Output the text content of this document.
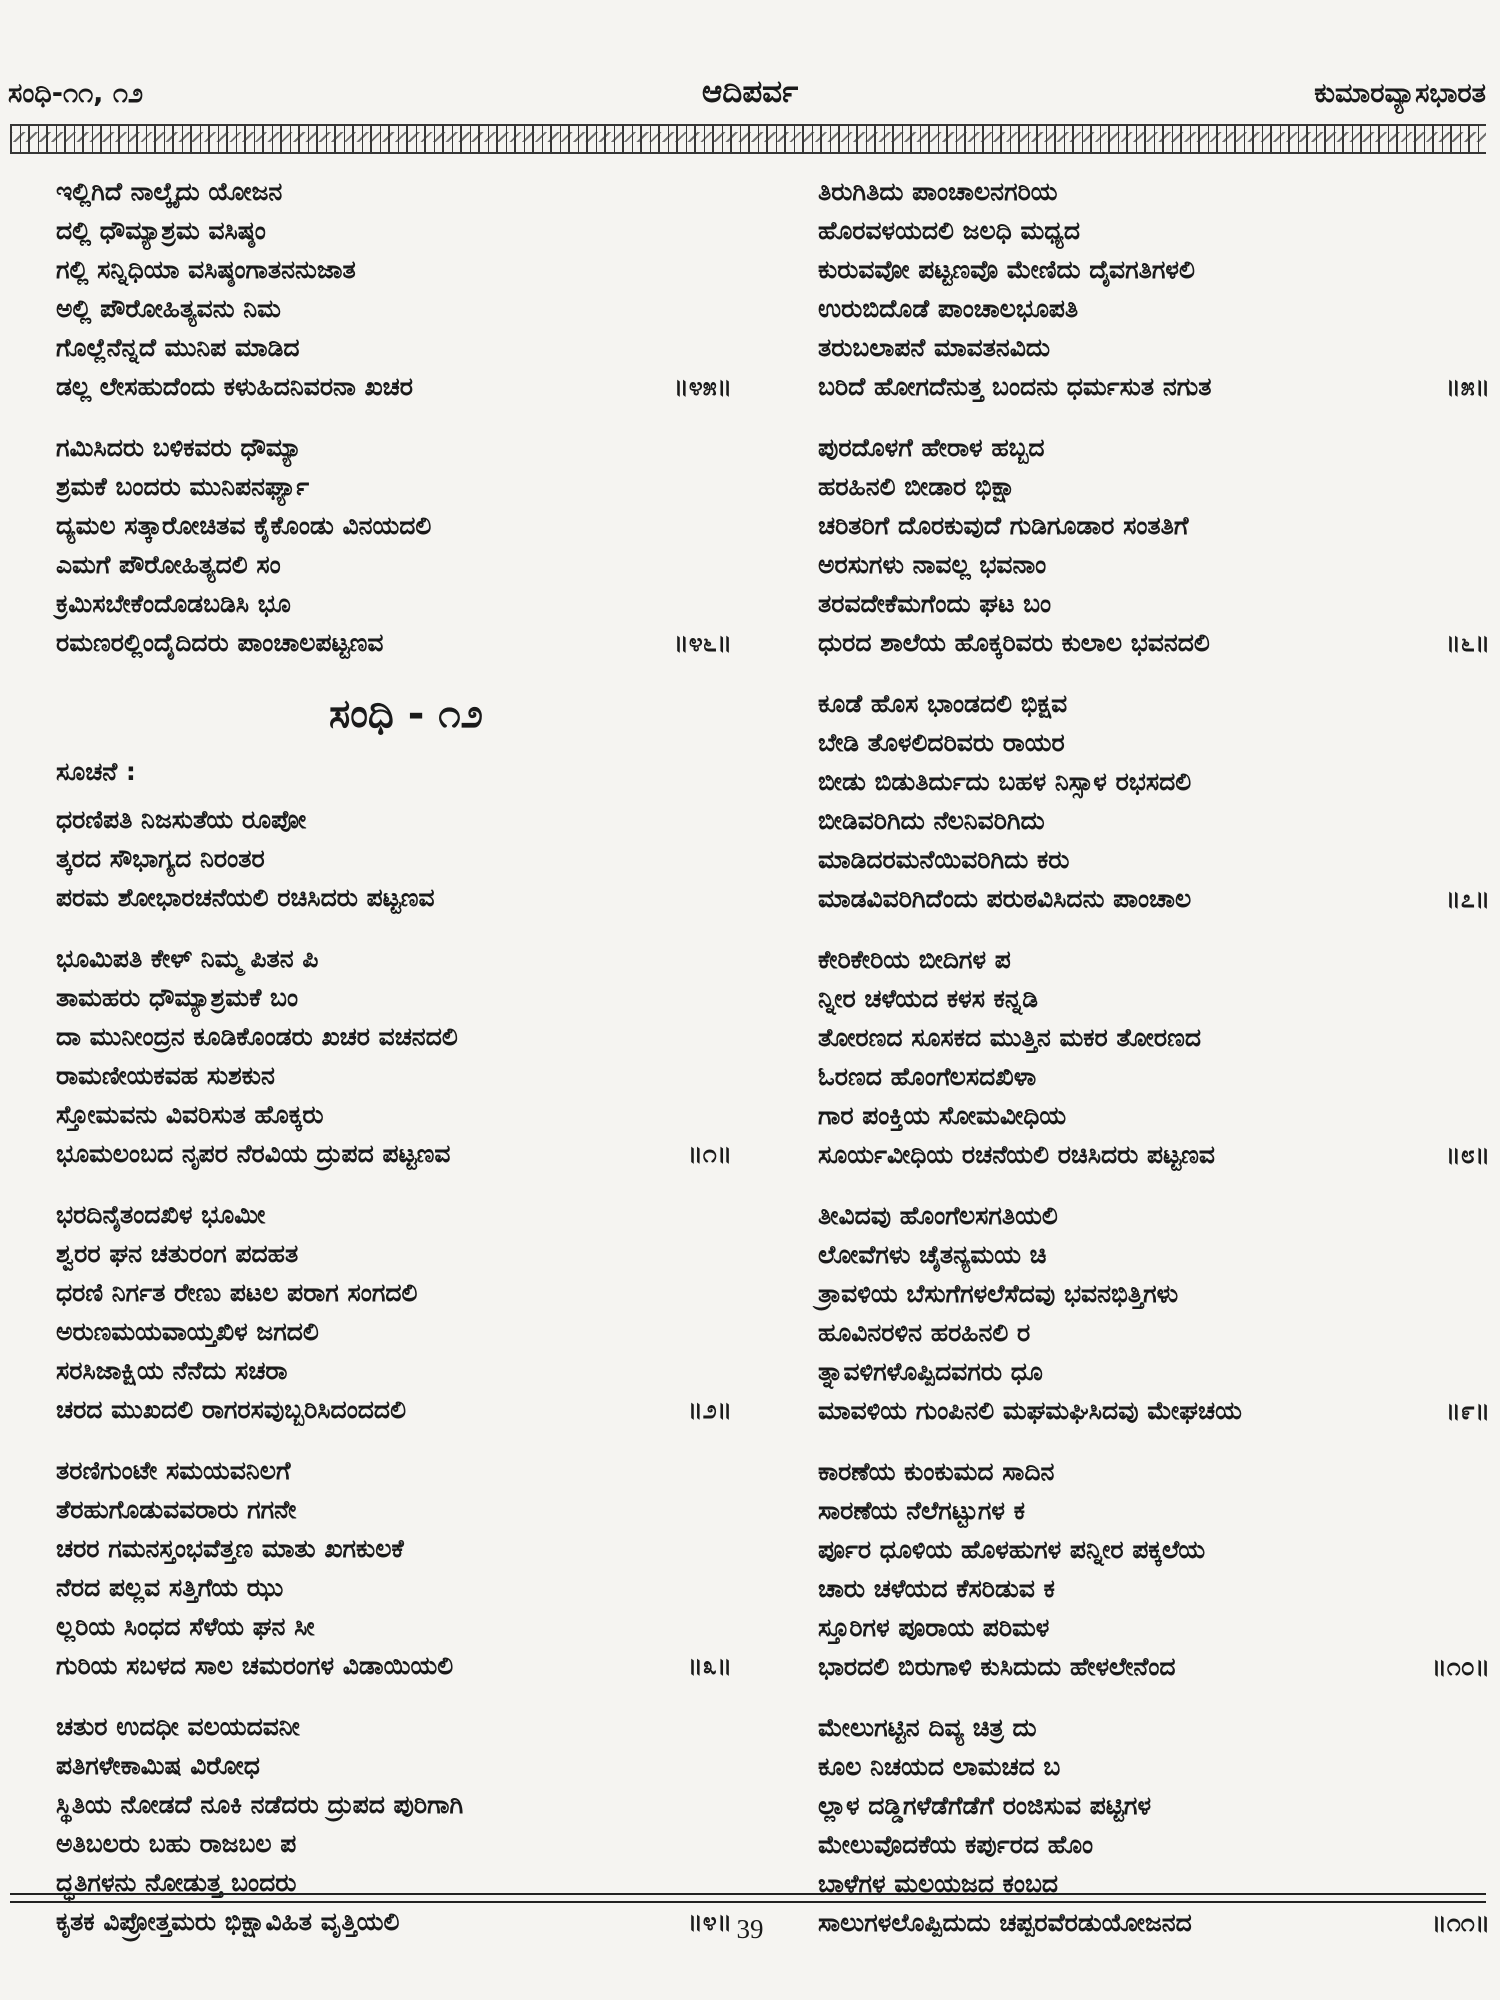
ಸಂಧಿ-೧೧, ೧೨	ಆದಿಪರ್ವ	ಕುಮಾರವ್ಯಾಸಭಾರತ
ಇಲ್ಲಿಗಿದೆ ನಾಲ್ಕೈದು ಯೋಜನ
ದಲ್ಲಿ ಧೌಮ್ಯಾಶ್ರಮ ವಸಿಷ್ಠಂ
ಗಲ್ಲಿ ಸನ್ನಿಧಿಯಾ ವಸಿಷ್ಠಂಗಾತನನುಜಾತ
ಅಲ್ಲಿ ಪೌರೋಹಿತ್ಯವನು ನಿಮ
ಗೊಲ್ಲೆನೆನ್ನದೆ ಮುನಿಪ ಮಾಡಿದ
ಡಲ್ಲ ಲೇಸಹುದೆಂದು ಕಳುಹಿದನಿವರನಾ ಖಚರ	॥೪೫॥
ಗಮಿಸಿದರು ಬಳಿಕವರು ಧೌಮ್ಯಾ
ಶ್ರಮಕೆ ಬಂದರು ಮುನಿಪನರ್ಘ್ಯಾ
ದ್ಯಮಲ ಸತ್ಕಾರೋಚಿತವ ಕೈಕೊಂಡು ವಿನಯದಲಿ
ಎಮಗೆ ಪೌರೋಹಿತ್ಯದಲಿ ಸಂ
ಕ್ರಮಿಸಬೇಕೆಂದೊಡಬಡಿಸಿ ಭೂ
ರಮಣರಲ್ಲಿಂದೈದಿದರು ಪಾಂಚಾಲಪಟ್ಟಣವ	॥೪೬॥
ಸಂಧಿ - ೧೨
ಸೂಚನೆ :
ಧರಣಿಪತಿ ನಿಜಸುತೆಯ ರೂಪೋ
ತ್ಕರದ ಸೌಭಾಗ್ಯದ ನಿರಂತರ
ಪರಮ ಶೋಭಾರಚನೆಯಲಿ ರಚಿಸಿದರು ಪಟ್ಟಣವ
ಭೂಮಿಪತಿ ಕೇಳ್ ನಿಮ್ಮ ಪಿತನ ಪಿ
ತಾಮಹರು ಧೌಮ್ಯಾಶ್ರಮಕೆ ಬಂ
ದಾ ಮುನೀಂದ್ರನ ಕೂಡಿಕೊಂಡರು ಖಚರ ವಚನದಲಿ
ರಾಮಣೀಯಕವಹ ಸುಶಕುನ
ಸ್ತೋಮವನು ವಿವರಿಸುತ ಹೊಕ್ಕರು
ಭೂಮಲಂಬದ ನೃಪರ ನೆರವಿಯ ದ್ರುಪದ ಪಟ್ಟಣವ	॥೧॥
ಭರದಿನೈತಂದಖಿಳ ಭೂಮೀ
ಶ್ವರರ ಘನ ಚತುರಂಗ ಪದಹತ
ಧರಣಿ ನಿರ್ಗತ ರೇಣು ಪಟಲ ಪರಾಗ ಸಂಗದಲಿ
ಅರುಣಮಯವಾಯ್ತಖಿಳ ಜಗದಲಿ
ಸರಸಿಜಾಕ್ಷಿಯ ನೆನೆದು ಸಚರಾ
ಚರದ ಮುಖದಲಿ ರಾಗರಸವುಬ್ಬರಿಸಿದಂದದಲಿ	॥೨॥
ತರಣಿಗುಂಟೇ ಸಮಯವನಿಲಗೆ
ತೆರಹುಗೊಡುವವರಾರು ಗಗನೇ
ಚರರ ಗಮನಸ್ತಂಭವೆತ್ತಣ ಮಾತು ಖಗಕುಲಕೆ
ನೆರದ ಪಲ್ಲವ ಸತ್ತಿಗೆಯ ಝು
ಲ್ಲರಿಯ ಸಿಂಧದ ಸೆಳೆಯ ಘನ ಸೀ
ಗುರಿಯ ಸಬಳದ ಸಾಲ ಚಮರಂಗಳ ವಿಡಾಯಿಯಲಿ	॥೩॥
ಚತುರ ಉದಧೀ ವಲಯದವನೀ
ಪತಿಗಳೇಕಾಮಿಷ ವಿರೋಧ
ಸ್ಥಿತಿಯ ನೋಡದೆ ನೂಕಿ ನಡೆದರು ದ್ರುಪದ ಪುರಿಗಾಗಿ
ಅತಿಬಲರು ಬಹು ರಾಜಬಲ ಪ
ದ್ಧತಿಗಳನು ನೋಡುತ್ತ ಬಂದರು
ಕೃತಕ ವಿಪ್ರೋತ್ತಮರು ಭಿಕ್ಷಾವಿಹಿತ ವೃತ್ತಿಯಲಿ	॥೪॥
ತಿರುಗಿತಿದು ಪಾಂಚಾಲನಗರಿಯ
ಹೊರವಳಯದಲಿ ಜಲಧಿ ಮಧ್ಯದ
ಕುರುವವೋ ಪಟ್ಟಣವೊ ಮೇಣಿದು ದೈವಗತಿಗಳಲಿ
ಉರುಬಿದೊಡೆ ಪಾಂಚಾಲಭೂಪತಿ
ತರುಬಲಾಪನೆ ಮಾವತನವಿದು
ಬರಿದೆ ಹೋಗದೆನುತ್ತ ಬಂದನು ಧರ್ಮಸುತ ನಗುತ	॥೫॥
ಪುರದೊಳಗೆ ಹೇರಾಳ ಹಬ್ಬದ
ಹರಹಿನಲಿ ಬೀಡಾರ ಭಿಕ್ಷಾ
ಚರಿತರಿಗೆ ದೊರಕುವುದೆ ಗುಡಿಗೂಡಾರ ಸಂತತಿಗೆ
ಅರಸುಗಳು ನಾವಲ್ಲ ಭವನಾಂ
ತರವದೇಕೆಮಗೆಂದು ಘಟ ಬಂ
ಧುರದ ಶಾಲೆಯ ಹೊಕ್ಕರಿವರು ಕುಲಾಲ ಭವನದಲಿ	॥೬॥
ಕೂಡೆ ಹೊಸ ಭಾಂಡದಲಿ ಭಿಕ್ಷವ
ಬೇಡಿ ತೊಳಲಿದರಿವರು ರಾಯರ
ಬೀಡು ಬಿಡುತಿರ್ದುದು ಬಹಳ ನಿಸ್ಸಾಳ ರಭಸದಲಿ
ಬೀಡಿವರಿಗಿದು ನೆಲನಿವರಿಗಿದು
ಮಾಡಿದರಮನೆಯಿವರಿಗಿದು ಕರು
ಮಾಡವಿವರಿಗಿದೆಂದು ಪರುಠವಿಸಿದನು ಪಾಂಚಾಲ	॥೭॥
ಕೇರಿಕೇರಿಯ ಬೀದಿಗಳ ಪ
ನ್ನೀರ ಚಳೆಯದ ಕಳಸ ಕನ್ನಡಿ
ತೋರಣದ ಸೂಸಕದ ಮುತ್ತಿನ ಮಕರ ತೋರಣದ
ಓರಣದ ಹೊಂಗೆಲಸದಖಿಳಾ
ಗಾರ ಪಂಕ್ತಿಯ ಸೋಮವೀಧಿಯ
ಸೂರ್ಯವೀಧಿಯ ರಚನೆಯಲಿ ರಚಿಸಿದರು ಪಟ್ಟಣವ	॥೮॥
ತೀವಿದವು ಹೊಂಗೆಲಸಗತಿಯಲಿ
ಲೋವೆಗಳು ಚೈತನ್ಯಮಯ ಚಿ
ತ್ರಾವಳಿಯ ಬೆಸುಗೆಗಳಲೆಸೆದವು ಭವನಭಿತ್ತಿಗಳು
ಹೂವಿನರಳಿನ ಹರಹಿನಲಿ ರ
ತ್ನಾವಳಿಗಳೊಪ್ಪಿದವಗರು ಧೂ
ಮಾವಳಿಯ ಗುಂಪಿನಲಿ ಮಘಮಘಿಸಿದವು ಮೇಘಚಯ	॥೯॥
ಕಾರಣೆಯ ಕುಂಕುಮದ ಸಾದಿನ
ಸಾರಣೆಯ ನೆಲೆಗಟ್ಟುಗಳ ಕ
ರ್ಪೂರ ಧೂಳಿಯ ಹೊಳಹುಗಳ ಪನ್ನೀರ ಪಕ್ಕಲೆಯ
ಚಾರು ಚಳೆಯದ ಕೆಸರಿಡುವ ಕ
ಸ್ತೂರಿಗಳ ಪೂರಾಯ ಪರಿಮಳ
ಭಾರದಲಿ ಬಿರುಗಾಳಿ ಕುಸಿದುದು ಹೇಳಲೇನೆಂದ	॥೧೦॥
ಮೇಲುಗಟ್ಟಿನ ದಿವ್ಯ ಚಿತ್ರ ದು
ಕೂಲ ನಿಚಯದ ಲಾಮಚದ ಬ
ಲ್ಲಾಳ ದಡ್ಡಿಗಳೆಡೆಗೆಡೆಗೆ ರಂಜಿಸುವ ಪಟ್ಟಿಗಳ
ಮೇಲುವೊದಕೆಯ ಕರ್ಪುರದ ಹೊಂ
ಬಾಳೆಗಳ ಮಲಯಜದ ಕಂಬದ
ಸಾಲುಗಳಲೊಪ್ಪಿದುದು ಚಪ್ಪರವೆರಡುಯೋಜನದ	॥೧೧॥
39
